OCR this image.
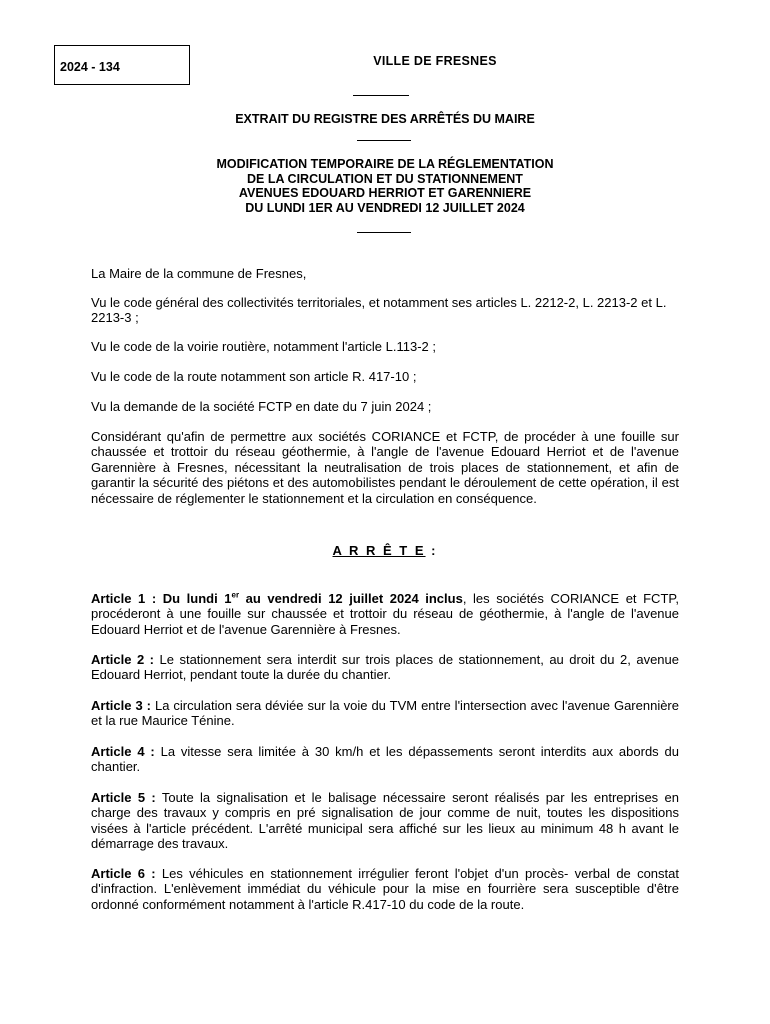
2024 - 134	VILLE DE FRESNES
EXTRAIT DU REGISTRE DES ARRÊTÉS DU MAIRE
MODIFICATION TEMPORAIRE DE LA RÉGLEMENTATION
DE LA CIRCULATION ET DU STATIONNEMENT
AVENUES EDOUARD HERRIOT ET GARENNIERE
DU LUNDI 1ER AU VENDREDI 12 JUILLET 2024

La Maire de la commune de Fresnes,

Vu le code général des collectivités territoriales, et notamment ses articles L. 2212-2, L. 2213-2 et L. 2213-3 ;

Vu le code de la voirie routière, notamment l'article L.113-2 ;

Vu le code de la route notamment son article R. 417-10 ;

Vu la demande de la société FCTP en date du 7 juin 2024 ;

Considérant qu'afin de permettre aux sociétés CORIANCE et FCTP, de procéder à une fouille sur chaussée et trottoir du réseau géothermie, à l'angle de l'avenue Edouard Herriot et de l'avenue Garennière à Fresnes, nécessitant la neutralisation de trois places de stationnement, et afin de garantir la sécurité des piétons et des automobilistes pendant le déroulement de cette opération, il est nécessaire de réglementer le stationnement et la circulation en conséquence.

A R R Ê T E :

Article 1 : Du lundi 1er au vendredi 12 juillet 2024 inclus, les sociétés CORIANCE et FCTP, procéderont à une fouille sur chaussée et trottoir du réseau de géothermie, à l'angle de l'avenue Edouard Herriot et de l'avenue Garennière à Fresnes.

Article 2 : Le stationnement sera interdit sur trois places de stationnement, au droit du 2, avenue Edouard Herriot, pendant toute la durée du chantier.

Article 3 : La circulation sera déviée sur la voie du TVM entre l'intersection avec l'avenue Garennière et la rue Maurice Ténine.

Article 4 : La vitesse sera limitée à 30 km/h et les dépassements seront interdits aux abords du chantier.

Article 5 : Toute la signalisation et le balisage nécessaire seront réalisés par les entreprises en charge des travaux y compris en pré signalisation de jour comme de nuit, toutes les dispositions visées à l'article précédent. L'arrêté municipal sera affiché sur les lieux au minimum 48 h avant le démarrage des travaux.

Article 6 : Les véhicules en stationnement irrégulier feront l'objet d'un procès- verbal de constat d'infraction. L'enlèvement immédiat du véhicule pour la mise en fourrière sera susceptible d'être ordonné conformément notamment à l'article R.417-10 du code de la route.
